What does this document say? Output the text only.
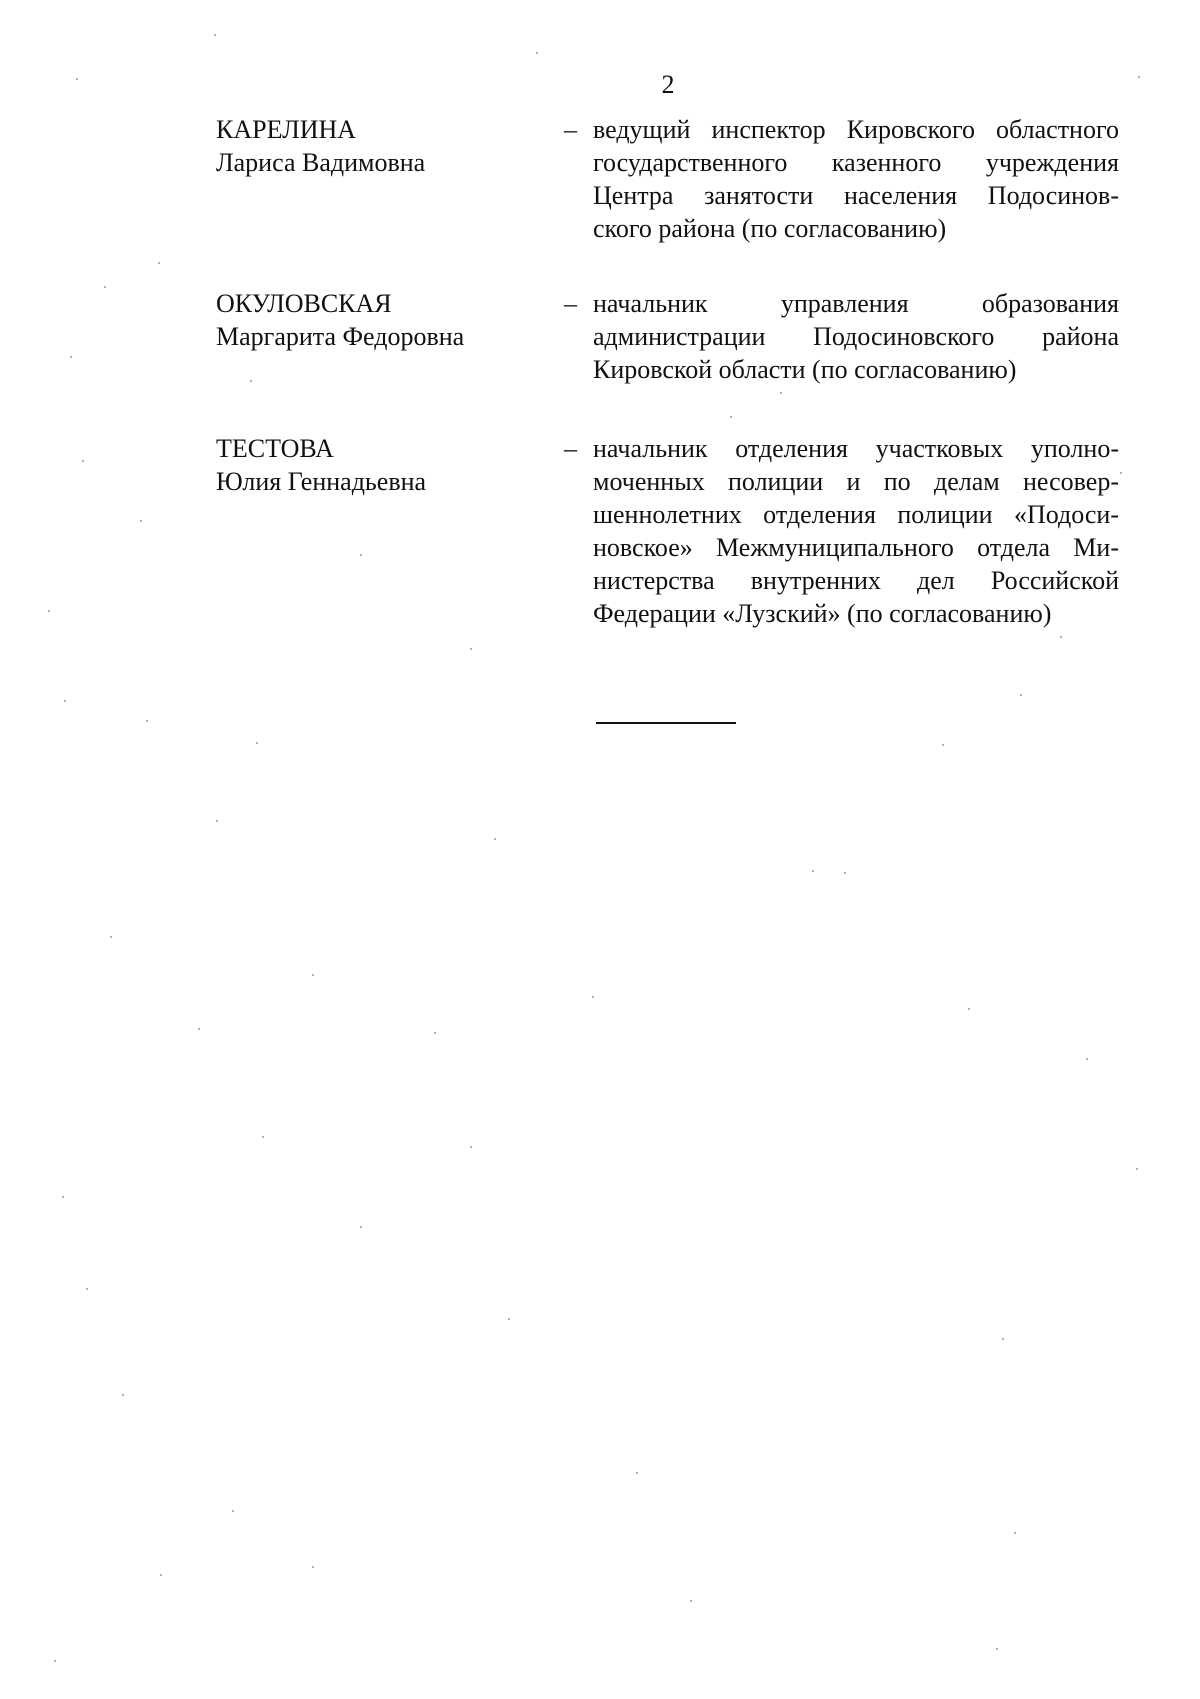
2
КАРЕЛИНА
Лариса Вадимовна
– ведущий инспектор Кировского областного
государственного казенного учреждения
Центра занятости населения Подосинов-
ского района (по согласованию)
ОКУЛОВСКАЯ
Маргарита Федоровна
– начальник управления образования
администрации Подосиновского района
Кировской области (по согласованию)
ТЕСТОВА
Юлия Геннадьевна
– начальник отделения участковых уполно-
моченных полиции и по делам несовер-
шеннолетних отделения полиции «Подоси-
новское» Межмуниципального отдела Ми-
нистерства внутренних дел Российской
Федерации «Лузский» (по согласованию)
